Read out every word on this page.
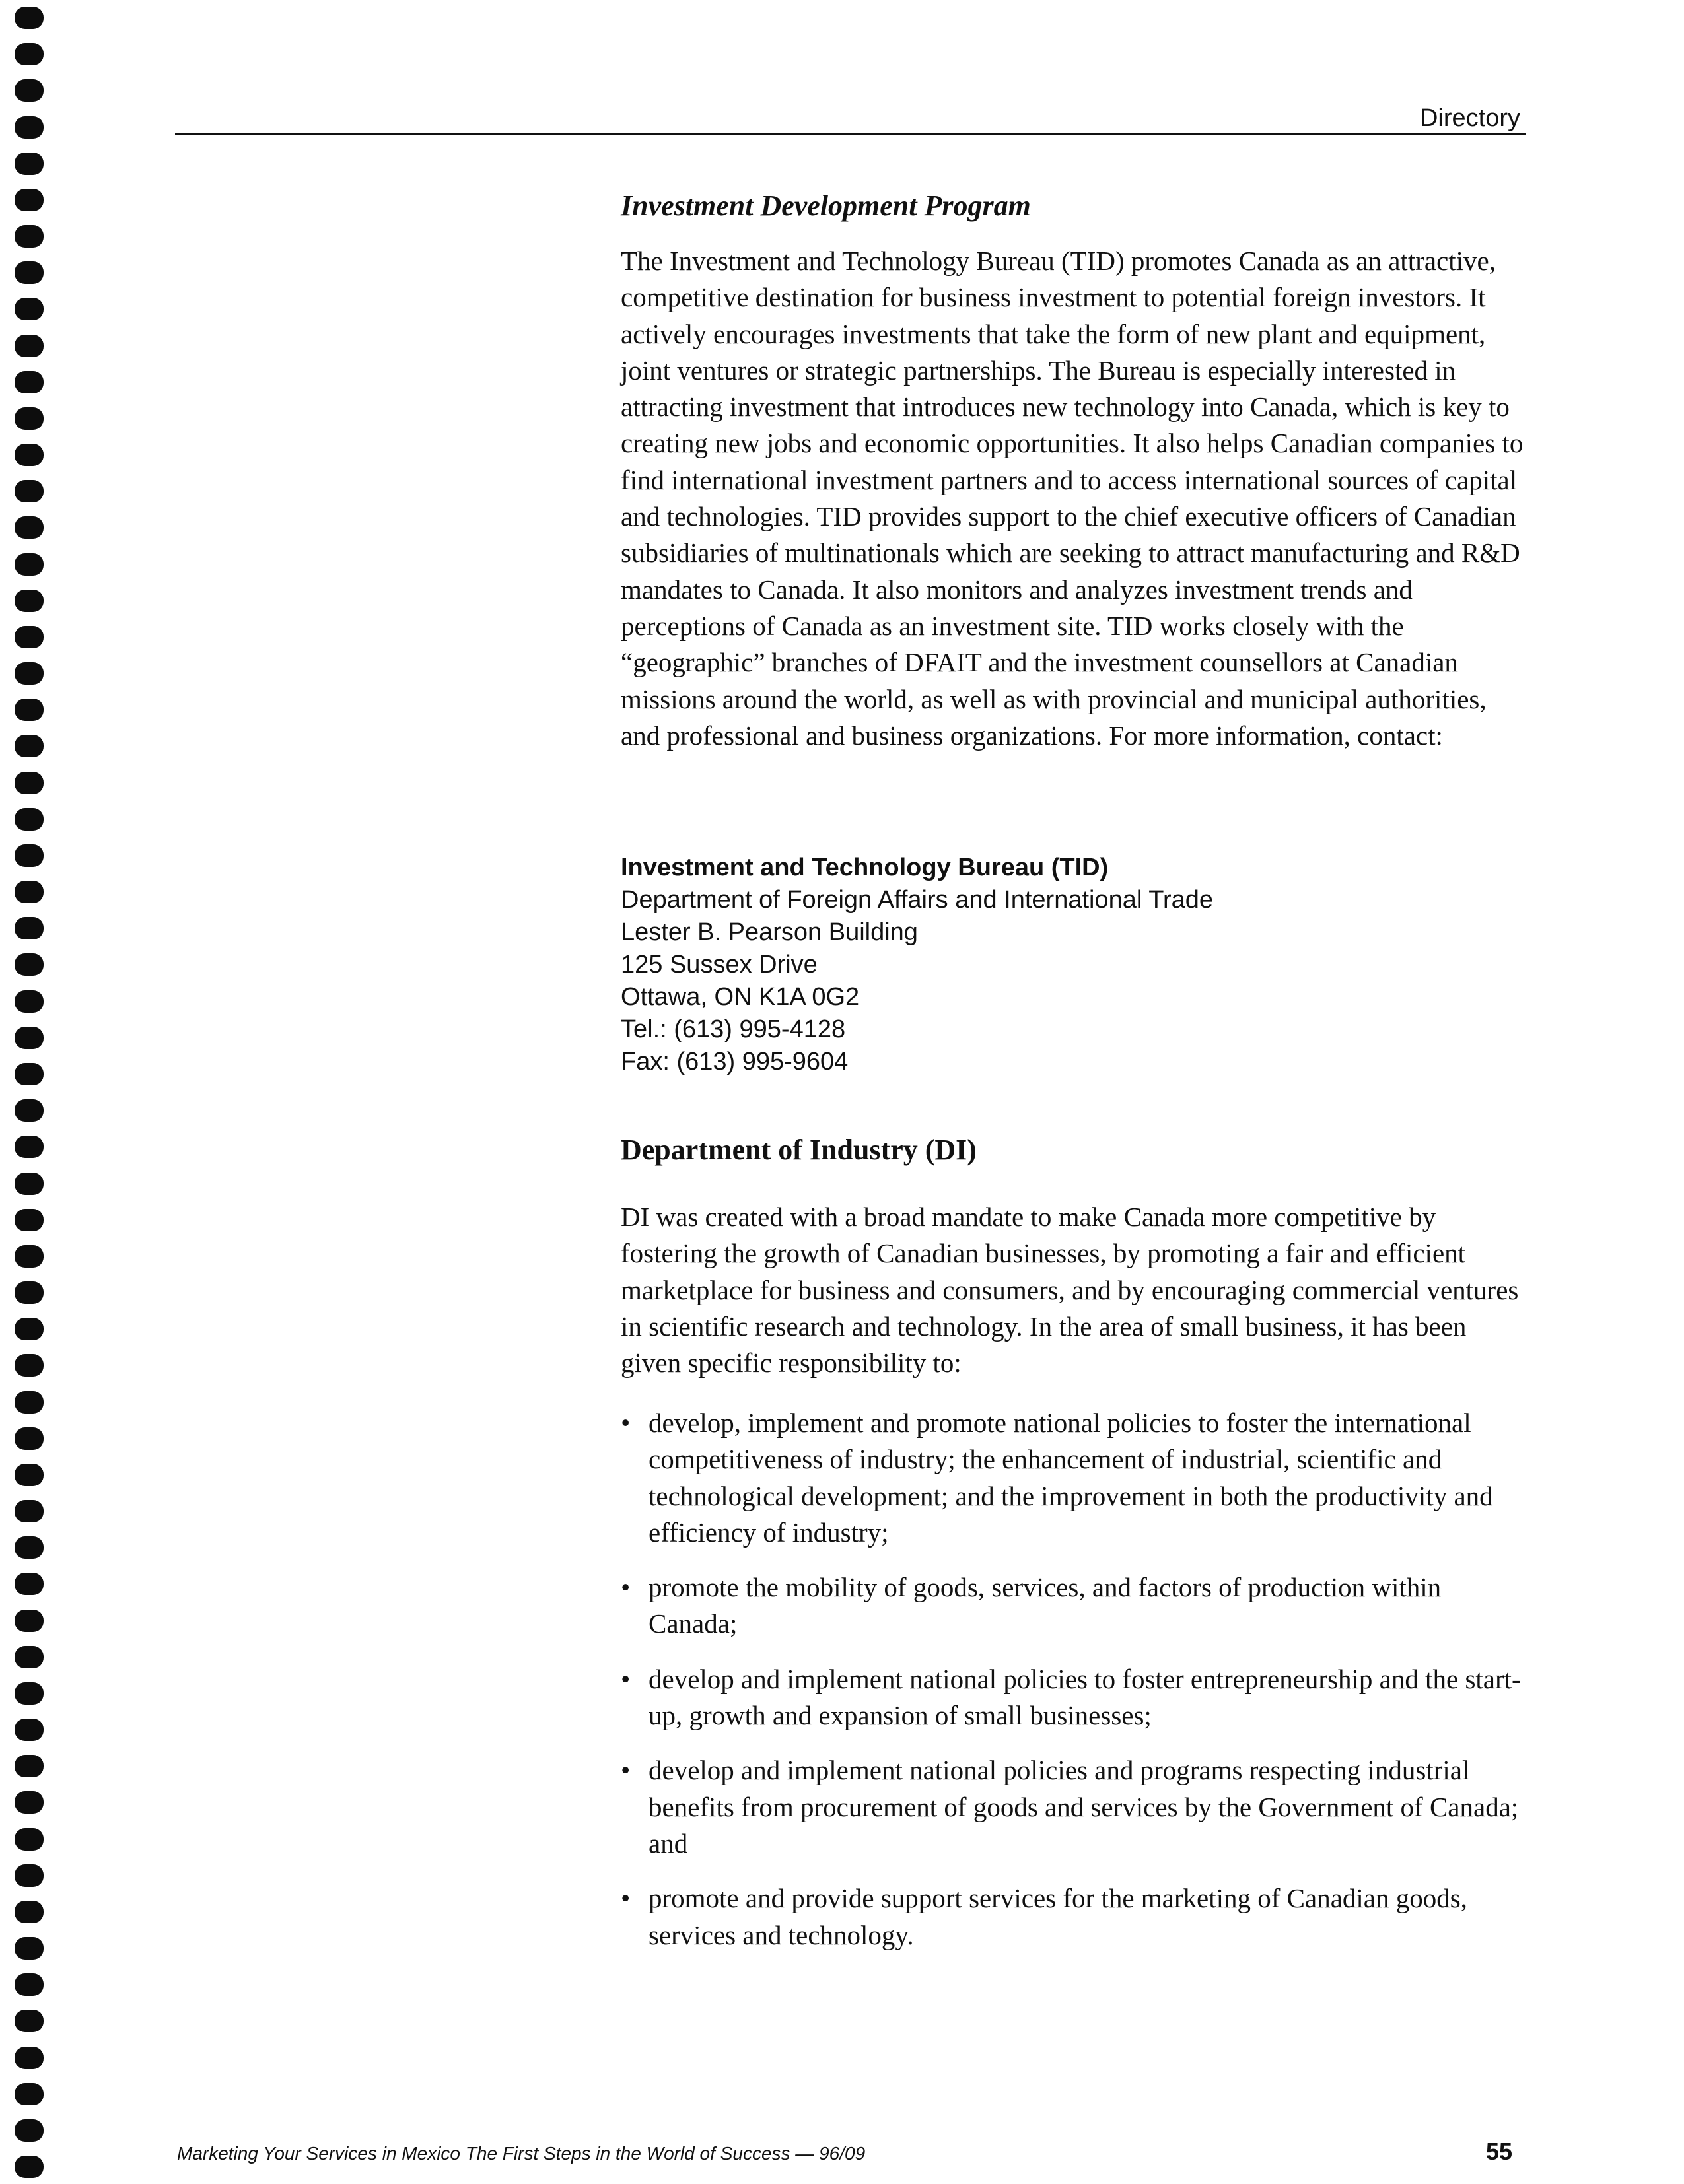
Directory
Investment Development Program

The Investment and Technology Bureau (TID) promotes Canada as an attractive, competitive destination for business investment to potential foreign investors. It actively encourages investments that take the form of new plant and equipment, joint ventures or strategic partnerships. The Bureau is especially interested in attracting investment that introduces new technology into Canada, which is key to creating new jobs and economic opportunities. It also helps Canadian companies to find international investment partners and to access international sources of capital and technologies. TID provides support to the chief executive officers of Canadian subsidiaries of multinationals which are seeking to attract manufacturing and R&D mandates to Canada. It also monitors and analyzes investment trends and perceptions of Canada as an investment site. TID works closely with the “geographic” branches of DFAIT and the investment counsellors at Canadian missions around the world, as well as with provincial and municipal authorities, and professional and business organizations. For more information, contact:

Investment and Technology Bureau (TID)
Department of Foreign Affairs and International Trade
Lester B. Pearson Building
125 Sussex Drive
Ottawa, ON K1A 0G2
Tel.: (613) 995-4128
Fax: (613) 995-9604
Department of Industry (DI)

DI was created with a broad mandate to make Canada more competitive by fostering the growth of Canadian businesses, by promoting a fair and efficient marketplace for business and consumers, and by encouraging commercial ventures in scientific research and technology. In the area of small business, it has been given specific responsibility to:

• develop, implement and promote national policies to foster the international competitiveness of industry; the enhancement of industrial, scientific and technological development; and the improvement in both the productivity and efficiency of industry;
• promote the mobility of goods, services, and factors of production within Canada;
• develop and implement national policies to foster entrepreneurship and the start-up, growth and expansion of small businesses;
• develop and implement national policies and programs respecting industrial benefits from procurement of goods and services by the Government of Canada; and
• promote and provide support services for the marketing of Canadian goods, services and technology.
Marketing Your Services in Mexico The First Steps in the World of Success — 96/09	55
